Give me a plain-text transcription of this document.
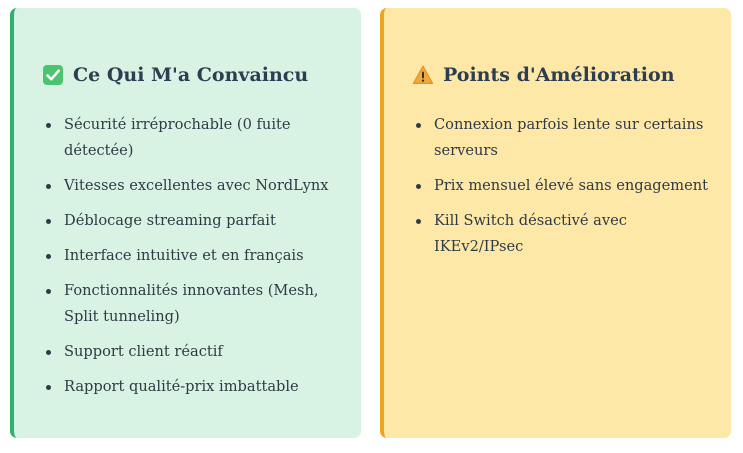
Ce Qui M'a Convaincu
Sécurité irréprochable (0 fuite détectée)
Vitesses excellentes avec NordLynx
Déblocage streaming parfait
Interface intuitive et en français
Fonctionnalités innovantes (Mesh, Split tunneling)
Support client réactif
Rapport qualité-prix imbattable
Points d'Amélioration
Connexion parfois lente sur certains serveurs
Prix mensuel élevé sans engagement
Kill Switch désactivé avec IKEv2/IPsec
